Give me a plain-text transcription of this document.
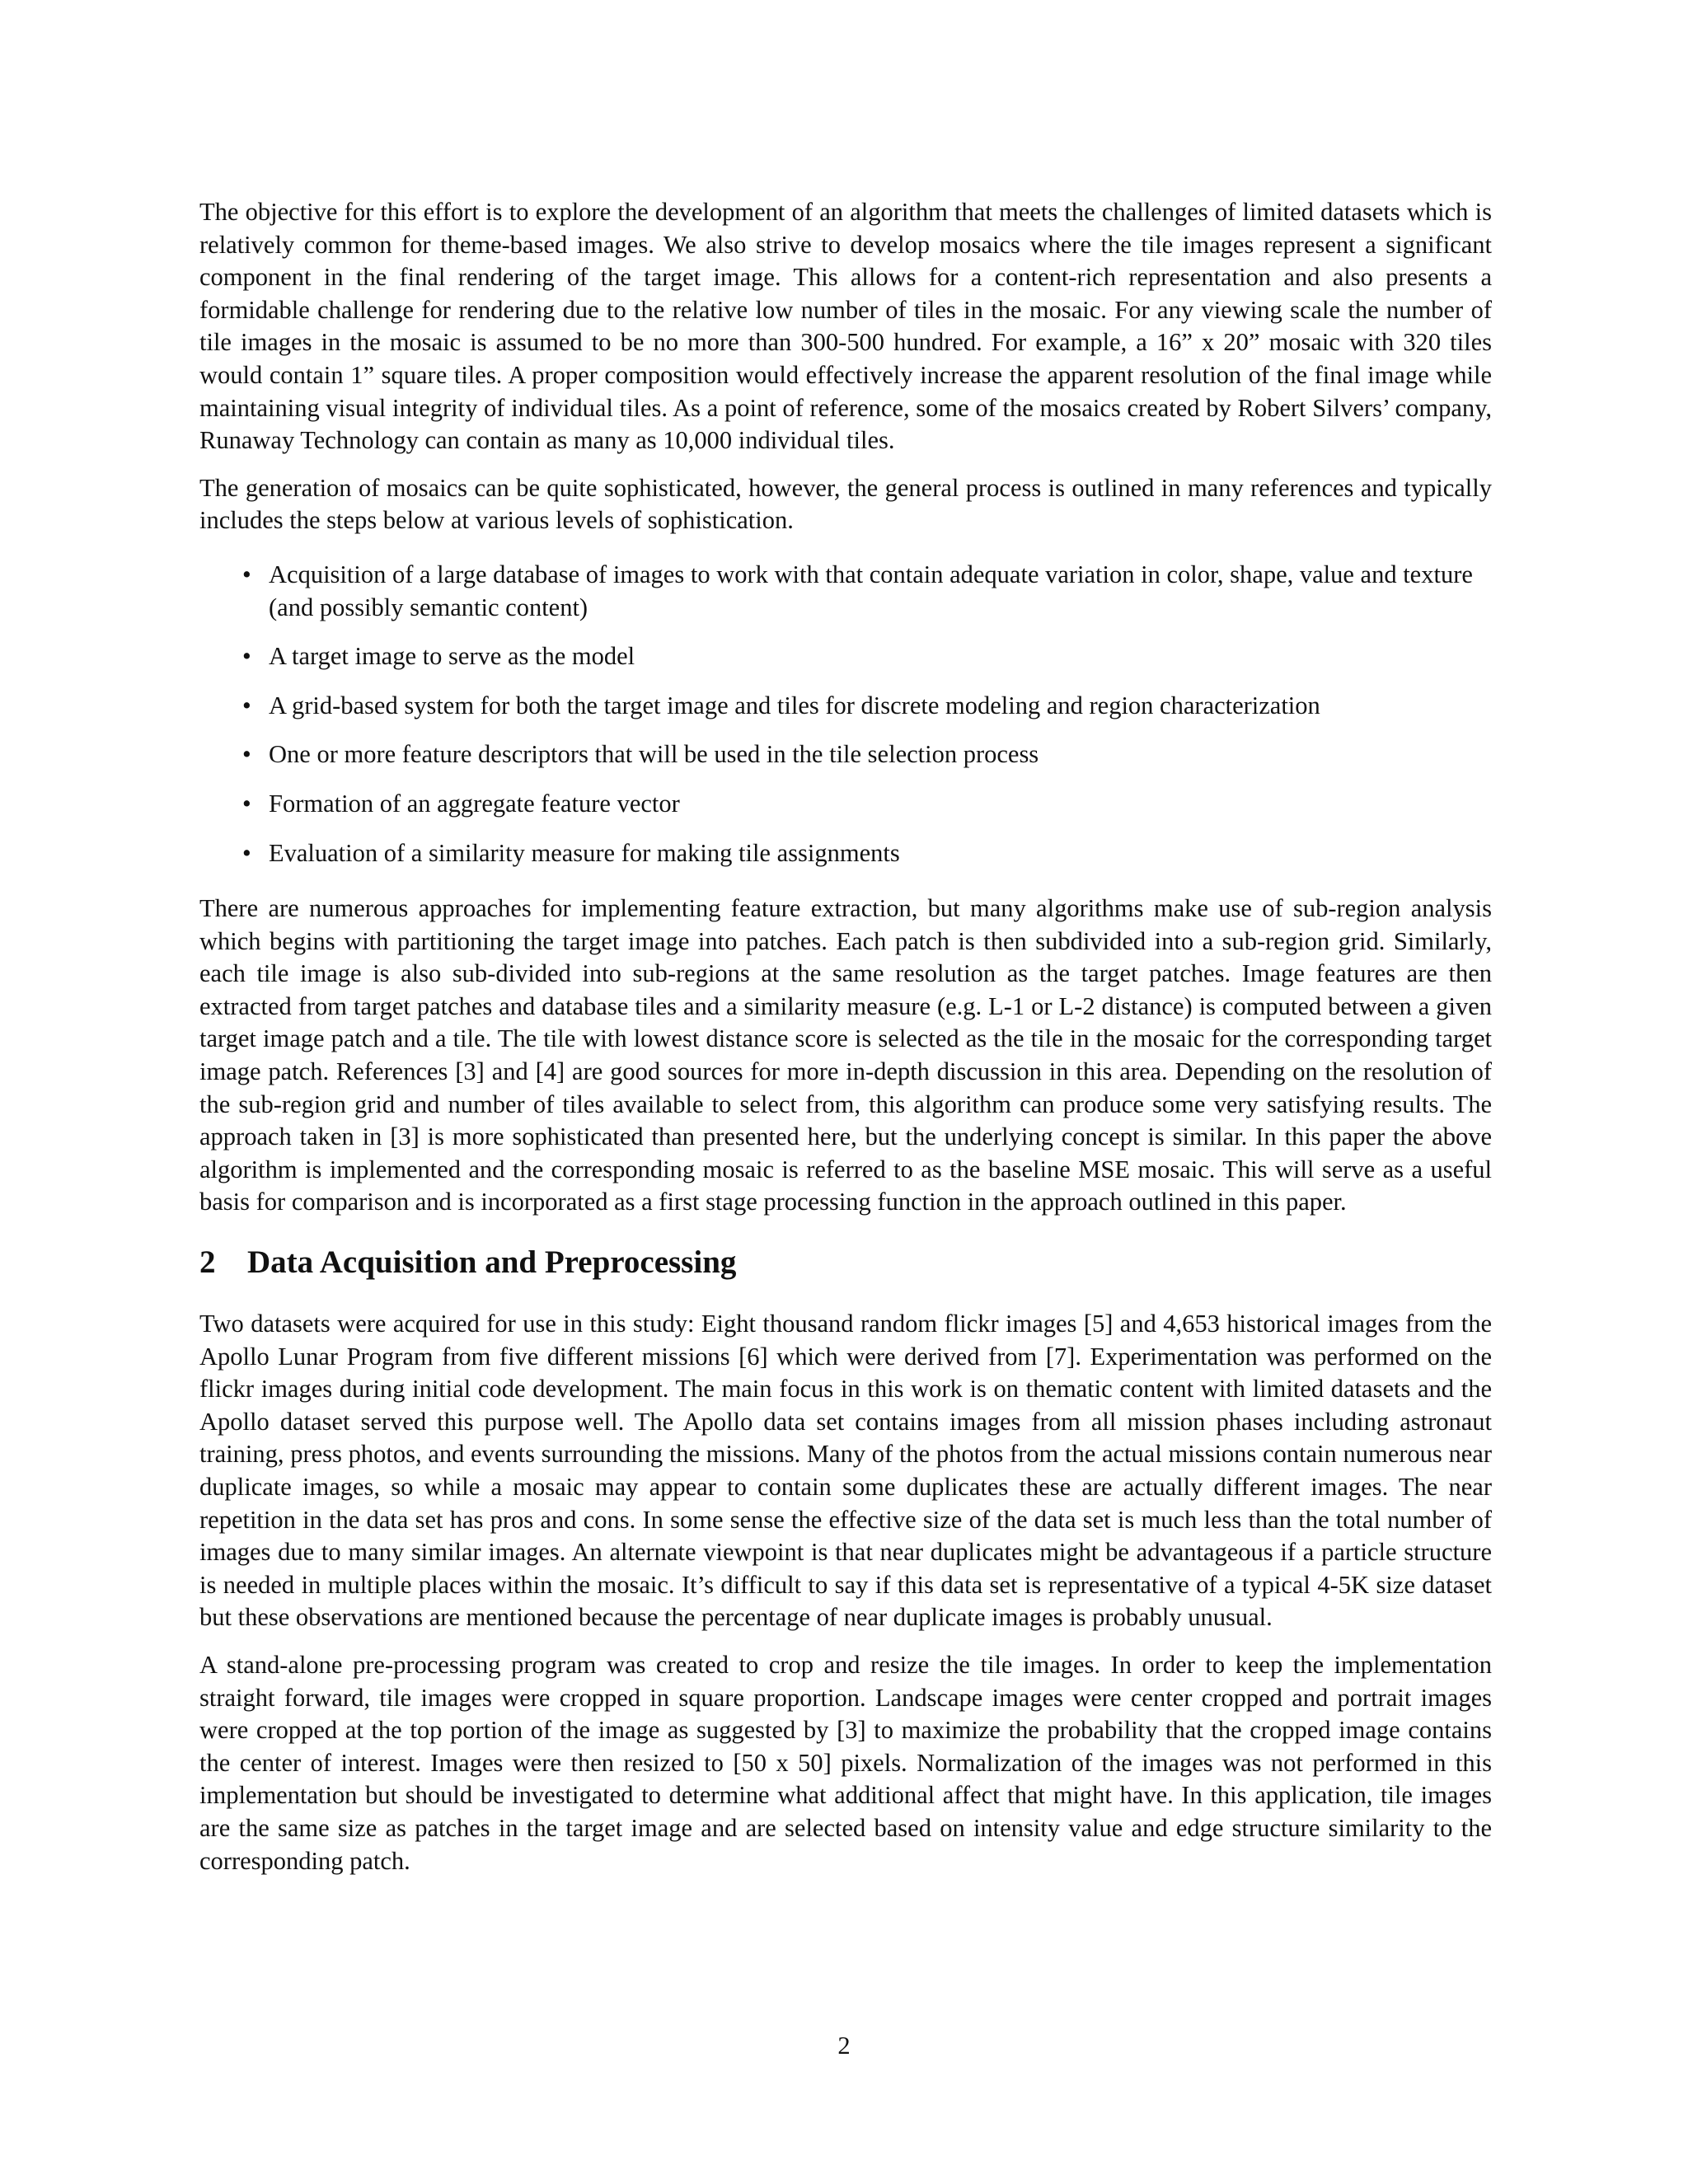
The objective for this effort is to explore the development of an algorithm that meets the challenges of limited datasets which is relatively common for theme-based images. We also strive to develop mosaics where the tile images represent a significant component in the final rendering of the target image. This allows for a content-rich representation and also presents a formidable challenge for rendering due to the relative low number of tiles in the mosaic. For any viewing scale the number of tile images in the mosaic is assumed to be no more than 300-500 hundred. For example, a 16” x 20” mosaic with 320 tiles would contain 1” square tiles. A proper composition would effectively increase the apparent resolution of the final image while maintaining visual integrity of individual tiles. As a point of reference, some of the mosaics created by Robert Silvers’ company, Runaway Technology can contain as many as 10,000 individual tiles.

The generation of mosaics can be quite sophisticated, however, the general process is outlined in many references and typically includes the steps below at various levels of sophistication.

• Acquisition of a large database of images to work with that contain adequate variation in color, shape, value and texture (and possibly semantic content)
• A target image to serve as the model
• A grid-based system for both the target image and tiles for discrete modeling and region characterization
• One or more feature descriptors that will be used in the tile selection process
• Formation of an aggregate feature vector
• Evaluation of a similarity measure for making tile assignments

There are numerous approaches for implementing feature extraction, but many algorithms make use of sub-region analysis which begins with partitioning the target image into patches. Each patch is then subdivided into a sub-region grid. Similarly, each tile image is also sub-divided into sub-regions at the same resolution as the target patches. Image features are then extracted from target patches and database tiles and a similarity measure (e.g. L-1 or L-2 distance) is computed between a given target image patch and a tile. The tile with lowest distance score is selected as the tile in the mosaic for the corresponding target image patch. References [3] and [4] are good sources for more in-depth discussion in this area. Depending on the resolution of the sub-region grid and number of tiles available to select from, this algorithm can produce some very satisfying results. The approach taken in [3] is more sophisticated than presented here, but the underlying concept is similar. In this paper the above algorithm is implemented and the corresponding mosaic is referred to as the baseline MSE mosaic. This will serve as a useful basis for comparison and is incorporated as a first stage processing function in the approach outlined in this paper.

2 Data Acquisition and Preprocessing

Two datasets were acquired for use in this study: Eight thousand random flickr images [5] and 4,653 historical images from the Apollo Lunar Program from five different missions [6] which were derived from [7]. Experimentation was performed on the flickr images during initial code development. The main focus in this work is on thematic content with limited datasets and the Apollo dataset served this purpose well. The Apollo data set contains images from all mission phases including astronaut training, press photos, and events surrounding the missions. Many of the photos from the actual missions contain numerous near duplicate images, so while a mosaic may appear to contain some duplicates these are actually different images. The near repetition in the data set has pros and cons. In some sense the effective size of the data set is much less than the total number of images due to many similar images. An alternate viewpoint is that near duplicates might be advantageous if a particle structure is needed in multiple places within the mosaic. It’s difficult to say if this data set is representative of a typical 4-5K size dataset but these observations are mentioned because the percentage of near duplicate images is probably unusual.

A stand-alone pre-processing program was created to crop and resize the tile images. In order to keep the implementation straight forward, tile images were cropped in square proportion. Landscape images were center cropped and portrait images were cropped at the top portion of the image as suggested by [3] to maximize the probability that the cropped image contains the center of interest. Images were then resized to [50 x 50] pixels. Normalization of the images was not performed in this implementation but should be investigated to determine what additional affect that might have. In this application, tile images are the same size as patches in the target image and are selected based on intensity value and edge structure similarity to the corresponding patch.

2
